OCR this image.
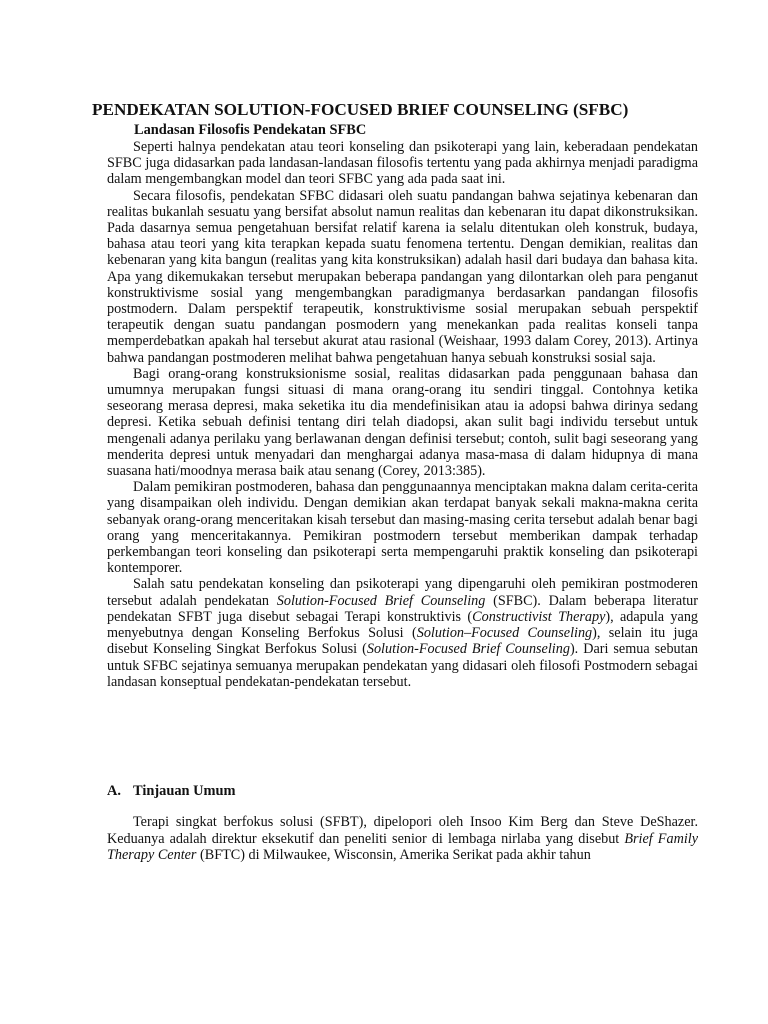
PENDEKATAN SOLUTION-FOCUSED BRIEF COUNSELING (SFBC)
Landasan Filosofis Pendekatan SFBC

Seperti halnya pendekatan atau teori konseling dan psikoterapi yang lain, keberadaan pendekatan SFBC juga didasarkan pada landasan-landasan filosofis tertentu yang pada akhirnya menjadi paradigma dalam mengembangkan model dan teori SFBC yang ada pada saat ini.

Secara filosofis, pendekatan SFBC didasari oleh suatu pandangan bahwa sejatinya kebenaran dan realitas bukanlah sesuatu yang bersifat absolut namun realitas dan kebenaran itu dapat dikonstruksikan. Pada dasarnya semua pengetahuan bersifat relatif karena ia selalu ditentukan oleh konstruk, budaya, bahasa atau teori yang kita terapkan kepada suatu fenomena tertentu. Dengan demikian, realitas dan kebenaran yang kita bangun (realitas yang kita konstruksikan) adalah hasil dari budaya dan bahasa kita. Apa yang dikemukakan tersebut merupakan beberapa pandangan yang dilontarkan oleh para penganut konstruktivisme sosial yang mengembangkan paradigmanya berdasarkan pandangan filosofis postmodern. Dalam perspektif terapeutik, konstruktivisme sosial merupakan sebuah perspektif terapeutik dengan suatu pandangan posmodern yang menekankan pada realitas konseli tanpa memperdebatkan apakah hal tersebut akurat atau rasional (Weishaar, 1993 dalam Corey, 2013). Artinya bahwa pandangan postmoderen melihat bahwa pengetahuan hanya sebuah konstruksi sosial saja.

Bagi orang-orang konstruksionisme sosial, realitas didasarkan pada penggunaan bahasa dan umumnya merupakan fungsi situasi di mana orang-orang itu sendiri tinggal. Contohnya ketika seseorang merasa depresi, maka seketika itu dia mendefinisikan atau ia adopsi bahwa dirinya sedang depresi. Ketika sebuah definisi tentang diri telah diadopsi, akan sulit bagi individu tersebut untuk mengenali adanya perilaku yang berlawanan dengan definisi tersebut; contoh, sulit bagi seseorang yang menderita depresi untuk menyadari dan menghargai adanya masa-masa di dalam hidupnya di mana suasana hati/moodnya merasa baik atau senang (Corey, 2013:385).

Dalam pemikiran postmoderen, bahasa dan penggunaannya menciptakan makna dalam cerita-cerita yang disampaikan oleh individu. Dengan demikian akan terdapat banyak sekali makna-makna cerita sebanyak orang-orang menceritakan kisah tersebut dan masing-masing cerita tersebut adalah benar bagi orang yang menceritakannya. Pemikiran postmodern tersebut memberikan dampak terhadap perkembangan teori konseling dan psikoterapi serta mempengaruhi praktik konseling dan psikoterapi kontemporer.

Salah satu pendekatan konseling dan psikoterapi yang dipengaruhi oleh pemikiran postmoderen tersebut adalah pendekatan Solution-Focused Brief Counseling (SFBC). Dalam beberapa literatur pendekatan SFBT juga disebut sebagai Terapi konstruktivis (Constructivist Therapy), adapula yang menyebutnya dengan Konseling Berfokus Solusi (Solution–Focused Counseling), selain itu juga disebut Konseling Singkat Berfokus Solusi (Solution-Focused Brief Counseling). Dari semua sebutan untuk SFBC sejatinya semuanya merupakan pendekatan yang didasari oleh filosofi Postmodern sebagai landasan konseptual pendekatan-pendekatan tersebut.

A. Tinjauan Umum

Terapi singkat berfokus solusi (SFBT), dipelopori oleh Insoo Kim Berg dan Steve DeShazer. Keduanya adalah direktur eksekutif dan peneliti senior di lembaga nirlaba yang disebut Brief Family Therapy Center (BFTC) di Milwaukee, Wisconsin, Amerika Serikat pada akhir tahun
